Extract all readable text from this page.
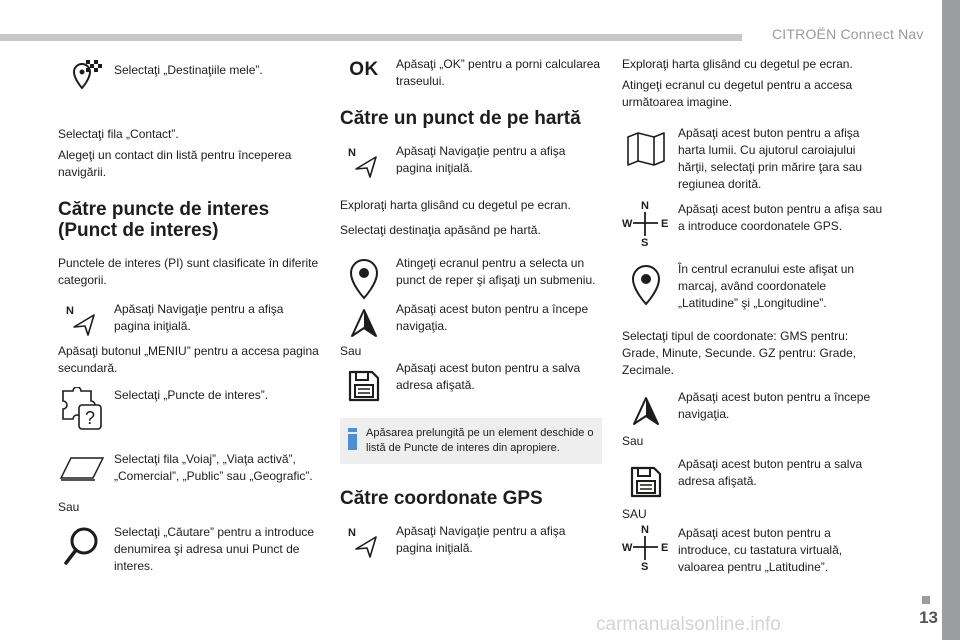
CITROËN Connect Nav
13
carmanualsonline.info
Selectaţi „Destinaţiile mele”.

Selectaţi fila „Contact”.

Alegeţi un contact din listă pentru începerea navigării.

Către puncte de interes (Punct de interes)

Punctele de interes (PI) sunt clasificate în diferite categorii.

N	Apăsaţi Navigaţie pentru a afişa pagina iniţială.

Apăsaţi butonul „MENIU” pentru a accesa pagina secundară.

?
Selectaţi „Puncte de interes”.
Selectaţi fila „Voiaj”, „Viaţa activă”, „Comercial”, „Public” sau „Geografic”.

Sau

Selectaţi „Căutare” pentru a introduce denumirea şi adresa unui Punct de interes.
OK Apăsaţi „OK” pentru a porni calcularea traseului.
Către un punct de pe hartă
N	Apăsaţi Navigaţie pentru a afişa pagina iniţială.

Exploraţi harta glisând cu degetul pe ecran.

Selectaţi destinaţia apăsând pe hartă.

Atingeţi ecranul pentru a selecta un punct de reper şi afişaţi un submeniu.
Apăsaţi acest buton pentru a începe navigaţia.

Sau

Apăsaţi acest buton pentru a salva adresa afişată.
Apăsarea prelungită pe un element deschide o listă de Puncte de interes din apropiere.
Către coordonate GPS
N	Apăsaţi Navigaţie pentru a afişa pagina iniţială.

Exploraţi harta glisând cu degetul pe ecran.

Atingeţi ecranul cu degetul pentru a accesa următoarea imagine.

Apăsaţi acest buton pentru a afişa harta lumii. Cu ajutorul caroiajului hărţii, selectaţi prin mărire ţara sau regiunea dorită.
N
S
W	E
Apăsaţi acest buton pentru a afişa sau a introduce coordonatele GPS.
În centrul ecranului este afişat un marcaj, având coordonatele „Latitudine” şi „Longitudine”.

Selectaţi tipul de coordonate: GMS pentru: Grade, Minute, Secunde. GZ pentru: Grade, Zecimale.

Apăsaţi acest buton pentru a începe navigaţia.

Sau

Apăsaţi acest buton pentru a salva adresa afişată.

SAU

N
S
W	E
Apăsaţi acest buton pentru a introduce, cu tastatura virtuală, valoarea pentru „Latitudine”.
